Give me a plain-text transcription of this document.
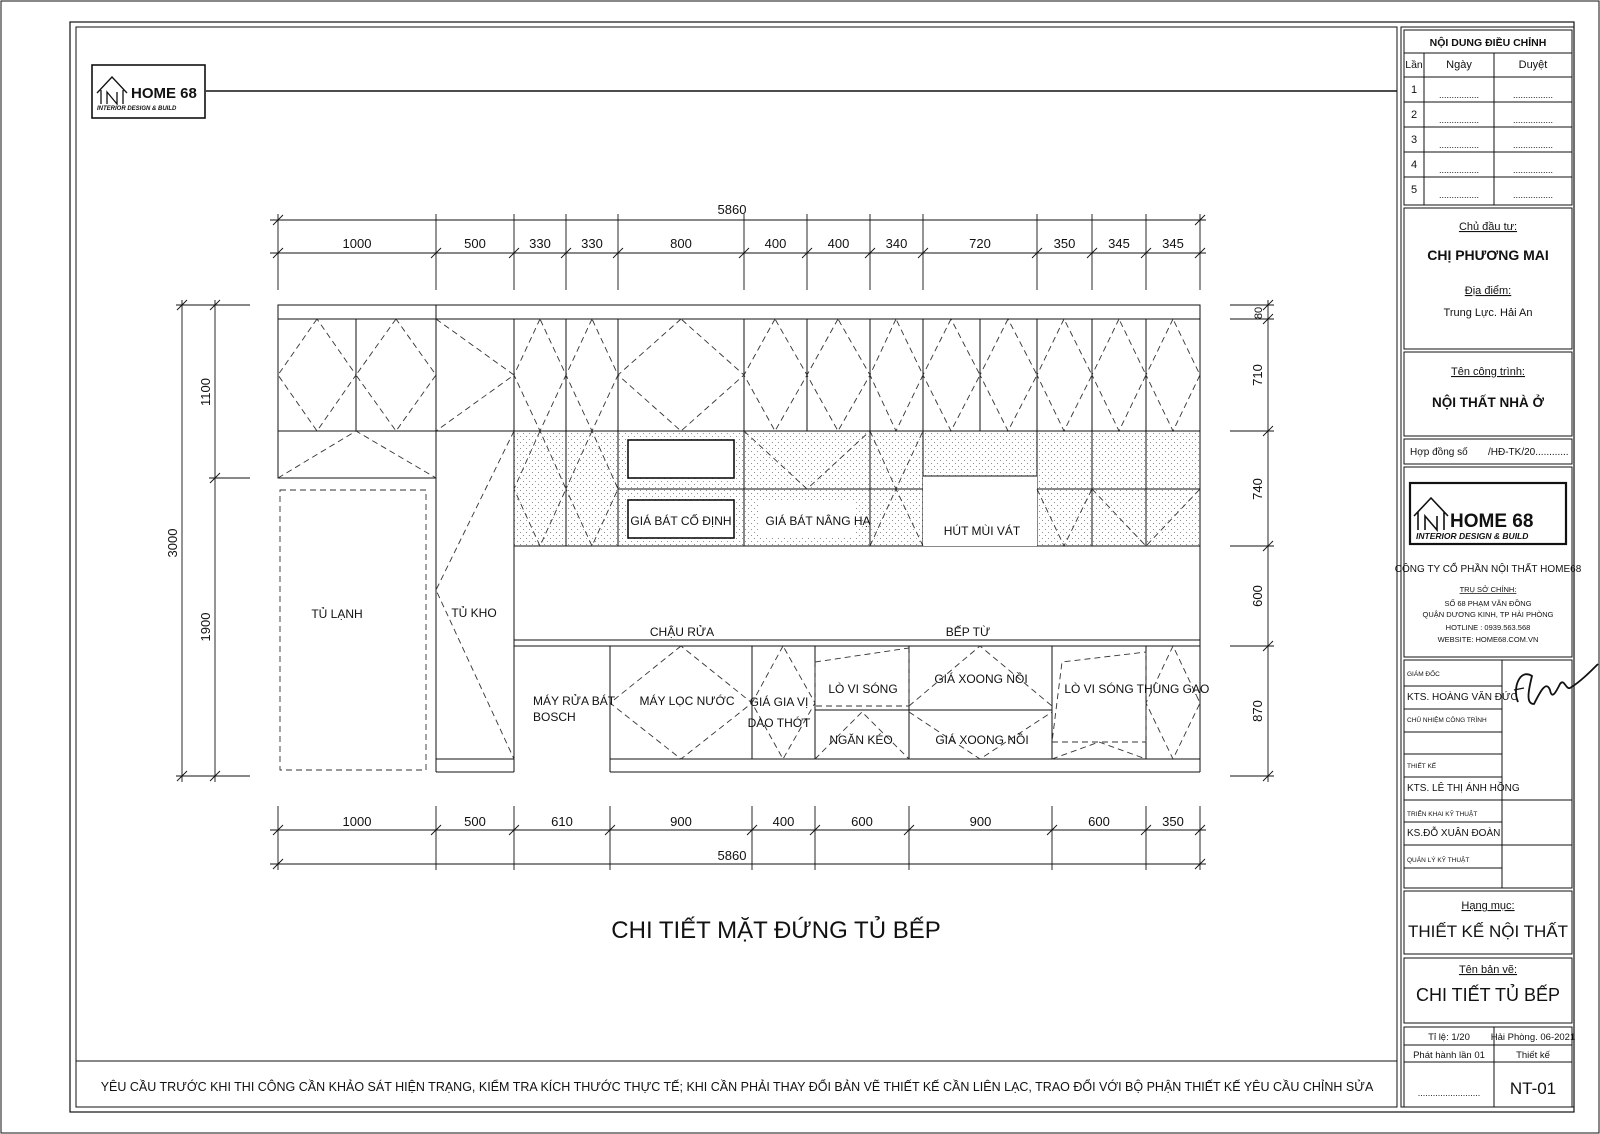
HOME 68
INTERIOR DESIGN & BUILD
TỦ LẠNH	TỦ KHO
GIÁ BÁT CỐ ĐỊNH	GIÁ BÁT NÂNG HẠ
HÚT MÙI VÁT
CHẬU RỬA	BẾP TỪ
MÁY RỬA BÁT
BOSCH
MÁY LỌC NƯỚC GIÁ GIA VỊ
DAO THỚT
LÒ VI SÓNG
NGĂN KÉO
GIÁ XOONG NỒI
GIÁ XOONG NỒI
LÒ VI SÓNG THÙNG GẠO
5860
1000	500	330 330	800	400	400	340	720	350	345 345
5860
1000	500	610	900	400	600	900	600	350
3000
1100
1900
80
710
740
600
870
CHI TIẾT MẶT ĐỨNG TỦ BẾP
YÊU CẦU TRƯỚC KHI THI CÔNG CẦN KHẢO SÁT HIỆN TRẠNG, KIỂM TRA KÍCH THƯỚC THỰC TẾ; KHI CẦN PHẢI THAY ĐỔI BẢN VẼ THIẾT KẾ CẦN LIÊN LẠC, TRAO ĐỔI VỚI BỘ PHẬN THIẾT KẾ YÊU CẦU CHỈNH SỬA
NỘI DUNG ĐIỀU CHỈNH
Lần Ngày	Duyệt
1 ................	................
2 ................	................
3 ................	................
4 ................	................
5 ................	................
Chủ đầu tư:
CHỊ PHƯƠNG MAI
Địa điểm:
Trung Lực. Hải An
Tên công trình:
NỘI THẤT NHÀ Ở
Hợp đồng số /HĐ-TK/20............
HOME 68
INTERIOR DESIGN & BUILD
CÔNG TY CỔ PHẦN NỘI THẤT HOME68
TRỤ SỞ CHÍNH:
SỐ 68 PHẠM VĂN ĐỒNG
QUẬN DƯƠNG KINH, TP HẢI PHÒNG
HOTLINE : 0939.563.568
WEBSITE: HOME68.COM.VN
GIÁM ĐỐC
KTS. HOÀNG VĂN ĐỨC
CHỦ NHIỆM CÔNG TRÌNH
THIẾT KẾ
KTS. LÊ THỊ ÁNH HỒNG
TRIỂN KHAI KỸ THUẬT
KS.ĐỖ XUÂN ĐOÀN
QUẢN LÝ KỸ THUẬT
Hạng mục:
THIẾT KẾ NỘI THẤT
Tên bản vẽ:
CHI TIẾT TỦ BẾP
Tỉ lệ: 1/20 Hải Phòng. 06-2021
Phát hành lần 01	Thiết kế
......................... NT-01
